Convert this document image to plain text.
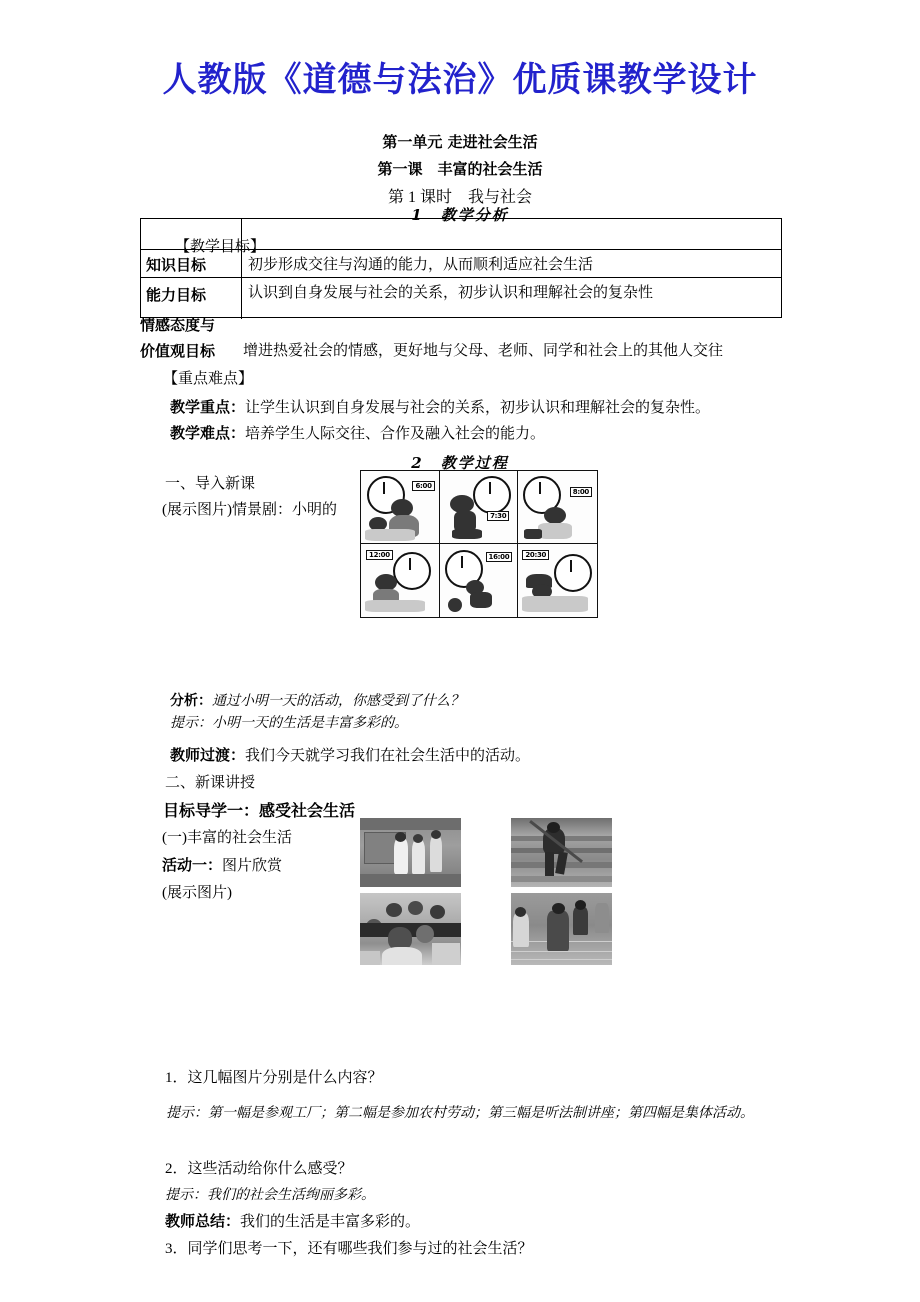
人教版《道德与法治》优质课教学设计
第一单元 走进社会生活
第一课　丰富的社会生活
第 1 课时　我与社会
1　教学分析
【教学目标】
知识目标	初步形成交往与沟通的能力，从而顺利适应社会生活
能力目标	认识到自身发展与社会的关系，初步认识和理解社会的复杂性
情感态度与
价值观目标 增进热爱社会的情感，更好地与父母、老师、同学和社会上的其他人交往
【重点难点】
教学重点：让学生认识到自身发展与社会的关系，初步认识和理解社会的复杂性。
教学难点：培养学生人际交往、合作及融入社会的能力。
2　教学过程
一、导入新课
(展示图片)情景剧：小明的
6:00
7:30
8:00
12:00	16:00	20:30
分析：通过小明一天的活动，你感受到了什么？
提示：小明一天的生活是丰富多彩的。
教师过渡：我们今天就学习我们在社会生活中的活动。
二、新课讲授
目标导学一：感受社会生活
(一)丰富的社会生活
活动一：图片欣赏
(展示图片)
1．这几幅图片分别是什么内容？
提示：第一幅是参观工厂；第二幅是参加农村劳动；第三幅是听法制讲座；第四幅是集体活动。
2．这些活动给你什么感受？
提示：我们的社会生活绚丽多彩。
教师总结：我们的生活是丰富多彩的。
3．同学们思考一下，还有哪些我们参与过的社会生活？
